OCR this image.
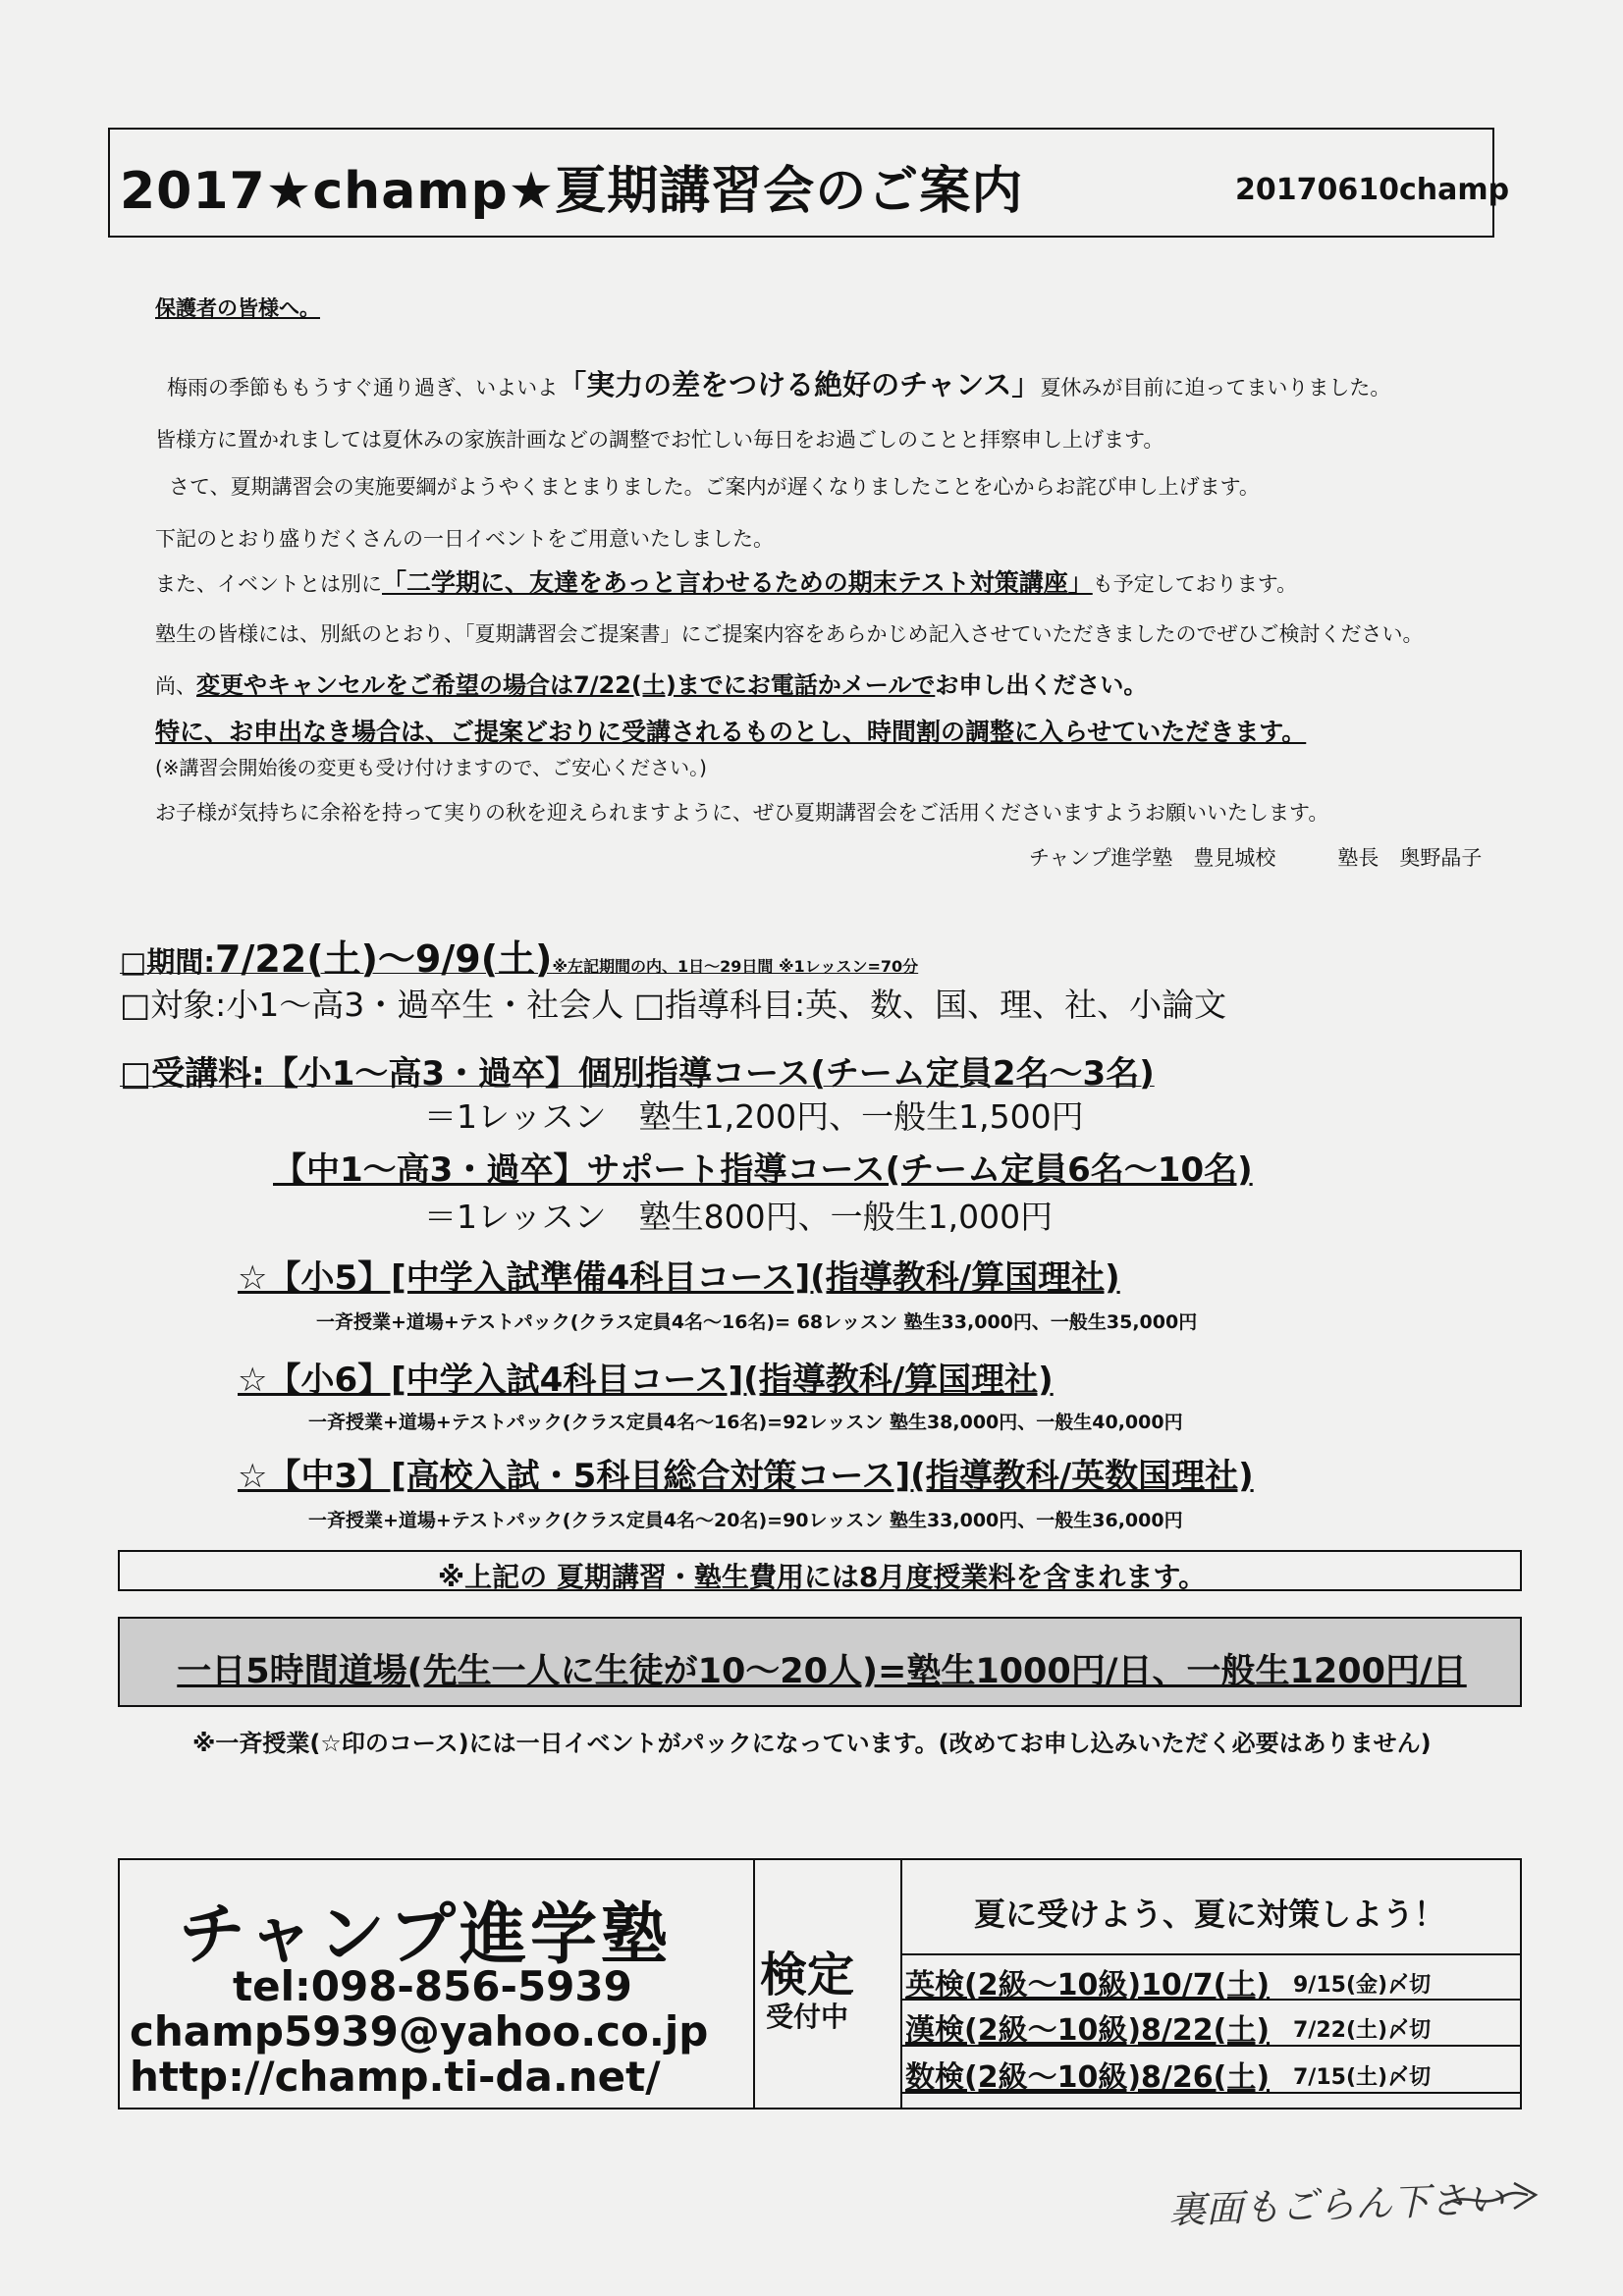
2017★champ★夏期講習会のご案内	20170610champ
保護者の皆様へ。
梅雨の季節ももうすぐ通り過ぎ、いよいよ「実力の差をつける絶好のチャンス」夏休みが目前に迫ってまいりました。
皆様方に置かれましては夏休みの家族計画などの調整でお忙しい毎日をお過ごしのことと拝察申し上げます。
さて、夏期講習会の実施要綱がようやくまとまりました。ご案内が遅くなりましたことを心からお詫び申し上げます。
下記のとおり盛りだくさんの一日イベントをご用意いたしました。
また、イベントとは別に「二学期に、友達をあっと言わせるための期末テスト対策講座」も予定しております。
塾生の皆様には、別紙のとおり、「夏期講習会ご提案書」にご提案内容をあらかじめ記入させていただきましたのでぜひご検討ください。
尚、変更やキャンセルをご希望の場合は7/22(土)までにお電話かメールでお申し出ください。
特に、お申出なき場合は、ご提案どおりに受講されるものとし、時間割の調整に入らせていただきます。
(※講習会開始後の変更も受け付けますので、ご安心ください。)
お子様が気持ちに余裕を持って実りの秋を迎えられますように、ぜひ夏期講習会をご活用くださいますようお願いいたします。
チャンプ進学塾　豊見城校　　　塾長　奥野晶子
□期間:7/22(土)～9/9(土)※左記期間の内、1日～29日間 ※1レッスン=70分
□対象:小1～高3・過卒生・社会人 □指導科目:英、数、国、理、社、小論文
□受講料:【小1～高3・過卒】個別指導コース(チーム定員2名～3名)
＝1レッスン　塾生1,200円、一般生1,500円
【中1～高3・過卒】サポート指導コース(チーム定員6名～10名)
＝1レッスン　塾生800円、一般生1,000円
☆【小5】[中学入試準備4科目コース](指導教科/算国理社)
一斉授業+道場+テストパック(クラス定員4名～16名)= 68レッスン 塾生33,000円、一般生35,000円
☆【小6】[中学入試4科目コース](指導教科/算国理社)
一斉授業+道場+テストパック(クラス定員4名～16名)=92レッスン 塾生38,000円、一般生40,000円
☆【中3】[高校入試・5科目総合対策コース](指導教科/英数国理社)
一斉授業+道場+テストパック(クラス定員4名～20名)=90レッスン 塾生33,000円、一般生36,000円
※上記の 夏期講習・塾生費用には8月度授業料を含まれます。
一日5時間道場(先生一人に生徒が10～20人)=塾生1000円/日、一般生1200円/日
※一斉授業(☆印のコース)には一日イベントがパックになっています。(改めてお申し込みいただく必要はありません)
チャンプ進学塾
tel:098-856-5939
champ5939@yahoo.co.jp
http://champ.ti-da.net/
検定
受付中
夏に受けよう、夏に対策しよう！
英検(2級～10級)10/7(土) 9/15(金)〆切
漢検(2級～10級)8/22(土) 7/22(土)〆切
数検(2級～10級)8/26(土) 7/15(土)〆切
裏面もごらん下さい
